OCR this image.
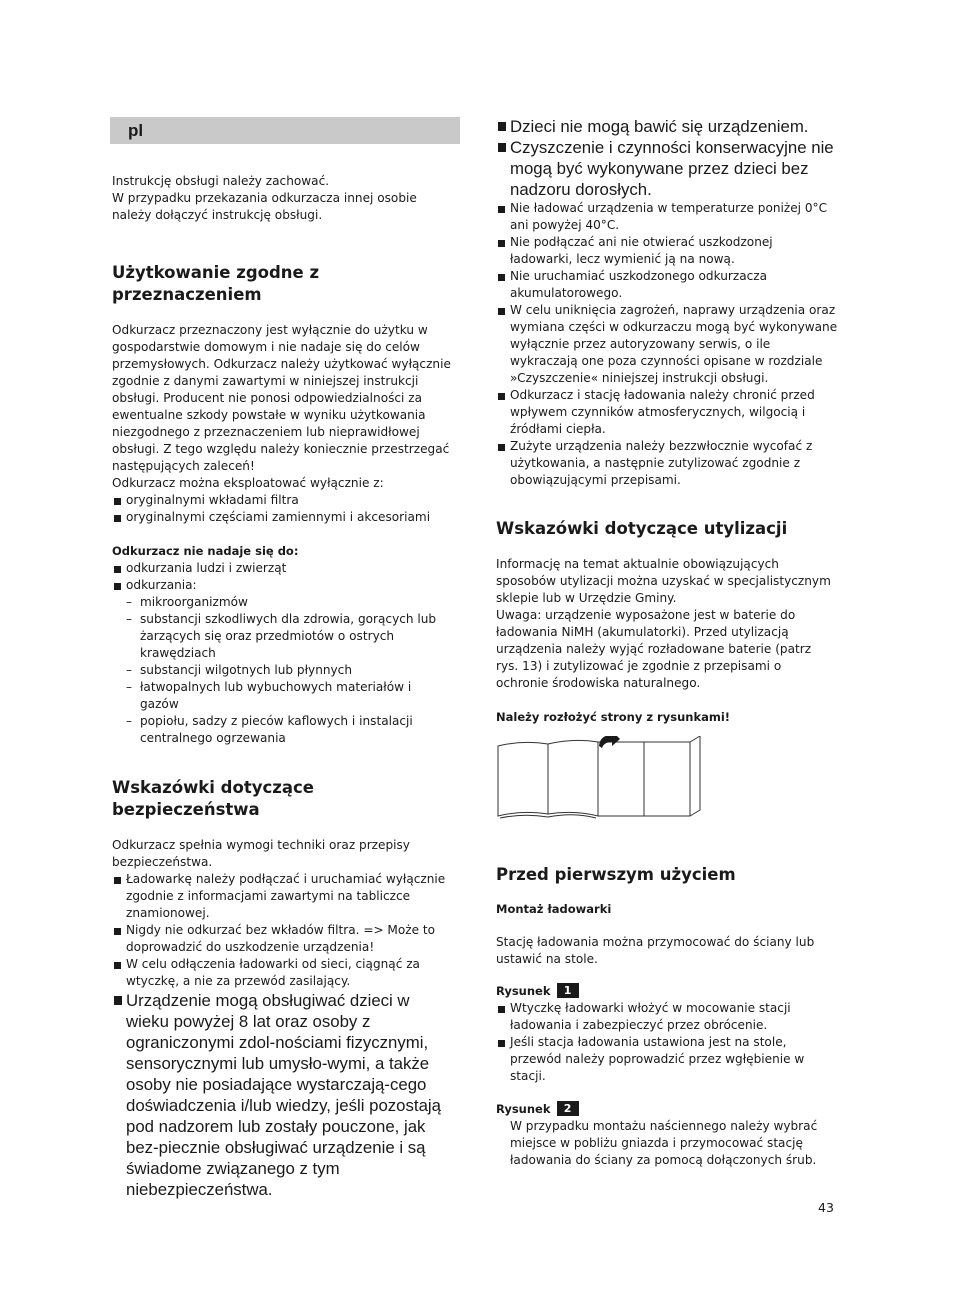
pl

Instrukcję obsługi należy zachować.
W przypadku przekazania odkurzacza innej osobie
należy dołączyć instrukcję obsługi.

Użytkowanie zgodne z przeznaczeniem

Odkurzacz przeznaczony jest wyłącznie do użytku w
gospodarstwie domowym i nie nadaje się do celów
przemysłowych. Odkurzacz należy użytkować wyłącznie
zgodnie z danymi zawartymi w niniejszej instrukcji
obsługi. Producent nie ponosi odpowiedzialności za
ewentualne szkody powstałe w wyniku użytkowania
niezgodnego z przeznaczeniem lub nieprawidłowej
obsługi. Z tego względu należy koniecznie przestrzegać
następujących zaleceń!
Odkurzacz można eksploatować wyłącznie z:

oryginalnymi wkładami filtra
oryginalnymi częściami zamiennymi i akcesoriami

Odkurzacz nie nadaje się do:

odkurzania ludzi i zwierząt
odkurzania:
– mikroorganizmów
– substancji szkodliwych dla zdrowia, gorących lub
żarzących się oraz przedmiotów o ostrych
krawędziach
– substancji wilgotnych lub płynnych
– łatwopalnych lub wybuchowych materiałów i
gazów
– popiołu, sadzy z pieców kaflowych i instalacji
centralnego ogrzewania

Wskazówki dotyczące bezpieczeństwa

Odkurzacz spełnia wymogi techniki oraz przepisy
bezpieczeństwa.

Ładowarkę należy podłączać i uruchamiać wyłącznie
zgodnie z informacjami zawartymi na tabliczce
znamionowej.
Nigdy nie odkurzać bez wkładów filtra. => Może to
doprowadzić do uszkodzenie urządzenia!
W celu odłączenia ładowarki od sieci, ciągnąć za
wtyczkę, a nie za przewód zasilający.
Urządzenie mogą obsługiwać dzieci w
wieku powyżej 8 lat oraz osoby z
ograniczonymi zdol-nościami fizycznymi,
sensorycznymi lub umysło-wymi, a także
osoby nie posiadające wystarczają-cego
doświadczenia i/lub wiedzy, jeśli pozostają
pod nadzorem lub zostały pouczone, jak
bez-piecznie obsługiwać urządzenie i są
świadome związanego z tym
niebezpieczeństwa.
Dzieci nie mogą bawić się urządzeniem.
Czyszczenie i czynności konserwacyjne nie
mogą być wykonywane przez dzieci bez
nadzoru dorosłych.
Nie ładować urządzenia w temperaturze poniżej 0°C
ani powyżej 40°C.
Nie podłączać ani nie otwierać uszkodzonej
ładowarki, lecz wymienić ją na nową.
Nie uruchamiać uszkodzonego odkurzacza
akumulatorowego.
W celu uniknięcia zagrożeń, naprawy urządzenia oraz
wymiana części w odkurzaczu mogą być wykonywane
wyłącznie przez autoryzowany serwis, o ile
wykraczają one poza czynności opisane w rozdziale
»Czyszczenie« niniejszej instrukcji obsługi.
Odkurzacz i stację ładowania należy chronić przed
wpływem czynników atmosferycznych, wilgocią i
źródłami ciepła.
Zużyte urządzenia należy bezzwłocznie wycofać z
użytkowania, a następnie zutylizować zgodnie z
obowiązującymi przepisami.

Wskazówki dotyczące utylizacji

Informację na temat aktualnie obowiązujących
sposobów utylizacji można uzyskać w specjalistycznym
sklepie lub w Urzędzie Gminy.
Uwaga: urządzenie wyposażone jest w baterie do
ładowania NiMH (akumulatorki). Przed utylizacją
urządzenia należy wyjąć rozładowane baterie (patrz
rys. 13) i zutylizować je zgodnie z przepisami o
ochronie środowiska naturalnego.

Należy rozłożyć strony z rysunkami!

Przed pierwszym użyciem

Montaż ładowarki

Stację ładowania można przymocować do ściany lub
ustawić na stole.

Rysunek 1

Wtyczkę ładowarki włożyć w mocowanie stacji
ładowania i zabezpieczyć przez obrócenie.
Jeśli stacja ładowania ustawiona jest na stole,
przewód należy poprowadzić przez wgłębienie w
stacji.

Rysunek 2

W przypadku montażu naściennego należy wybrać
miejsce w pobliżu gniazda i przymocować stację
ładowania do ściany za pomocą dołączonych śrub.

43
